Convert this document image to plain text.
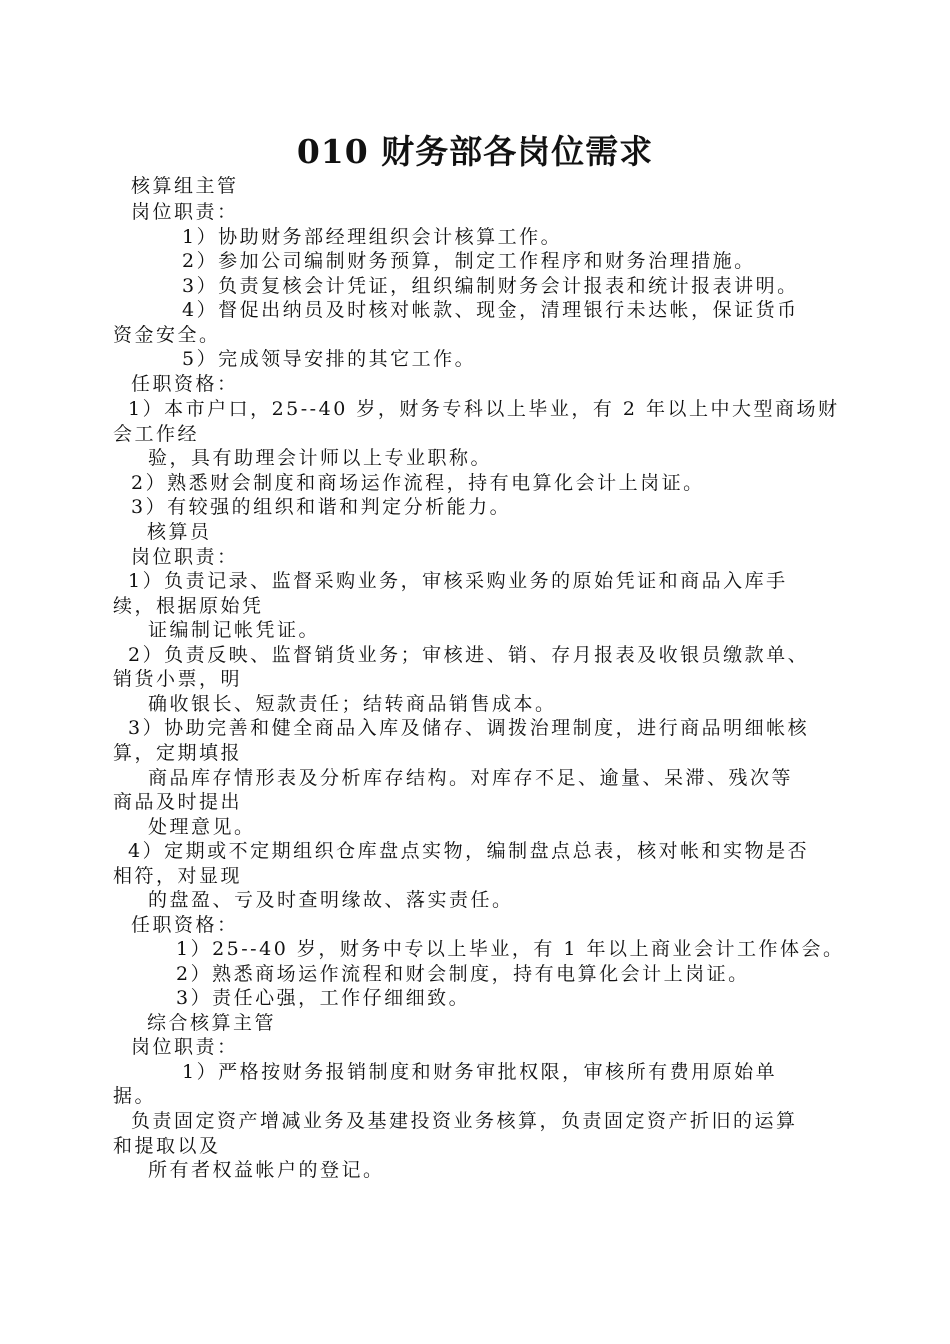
010 财务部各岗位需求
核算组主管
岗位职责：
1）协助财务部经理组织会计核算工作。
2）参加公司编制财务预算，制定工作程序和财务治理措施。
3）负责复核会计凭证，组织编制财务会计报表和统计报表讲明。
4）督促出纳员及时核对帐款、现金，清理银行未达帐，保证货币
资金安全。
5）完成领导安排的其它工作。
任职资格：
1）本市户口，25--40 岁，财务专科以上毕业，有 2 年以上中大型商场财
会工作经
验，具有助理会计师以上专业职称。
2）熟悉财会制度和商场运作流程，持有电算化会计上岗证。
3）有较强的组织和谐和判定分析能力。
核算员
岗位职责：
1）负责记录、监督采购业务，审核采购业务的原始凭证和商品入库手
续，根据原始凭
证编制记帐凭证。
2）负责反映、监督销货业务；审核进、销、存月报表及收银员缴款单、
销货小票，明
确收银长、短款责任；结转商品销售成本。
3）协助完善和健全商品入库及储存、调拨治理制度，进行商品明细帐核
算，定期填报
商品库存情形表及分析库存结构。对库存不足、逾量、呆滞、残次等
商品及时提出
处理意见。
4）定期或不定期组织仓库盘点实物，编制盘点总表，核对帐和实物是否
相符，对显现
的盘盈、亏及时查明缘故、落实责任。
任职资格：
1）25--40 岁，财务中专以上毕业，有 1 年以上商业会计工作体会。
2）熟悉商场运作流程和财会制度，持有电算化会计上岗证。
3）责任心强，工作仔细细致。
综合核算主管
岗位职责：
1）严格按财务报销制度和财务审批权限，审核所有费用原始单
据。
负责固定资产增减业务及基建投资业务核算，负责固定资产折旧的运算
和提取以及
所有者权益帐户的登记。
